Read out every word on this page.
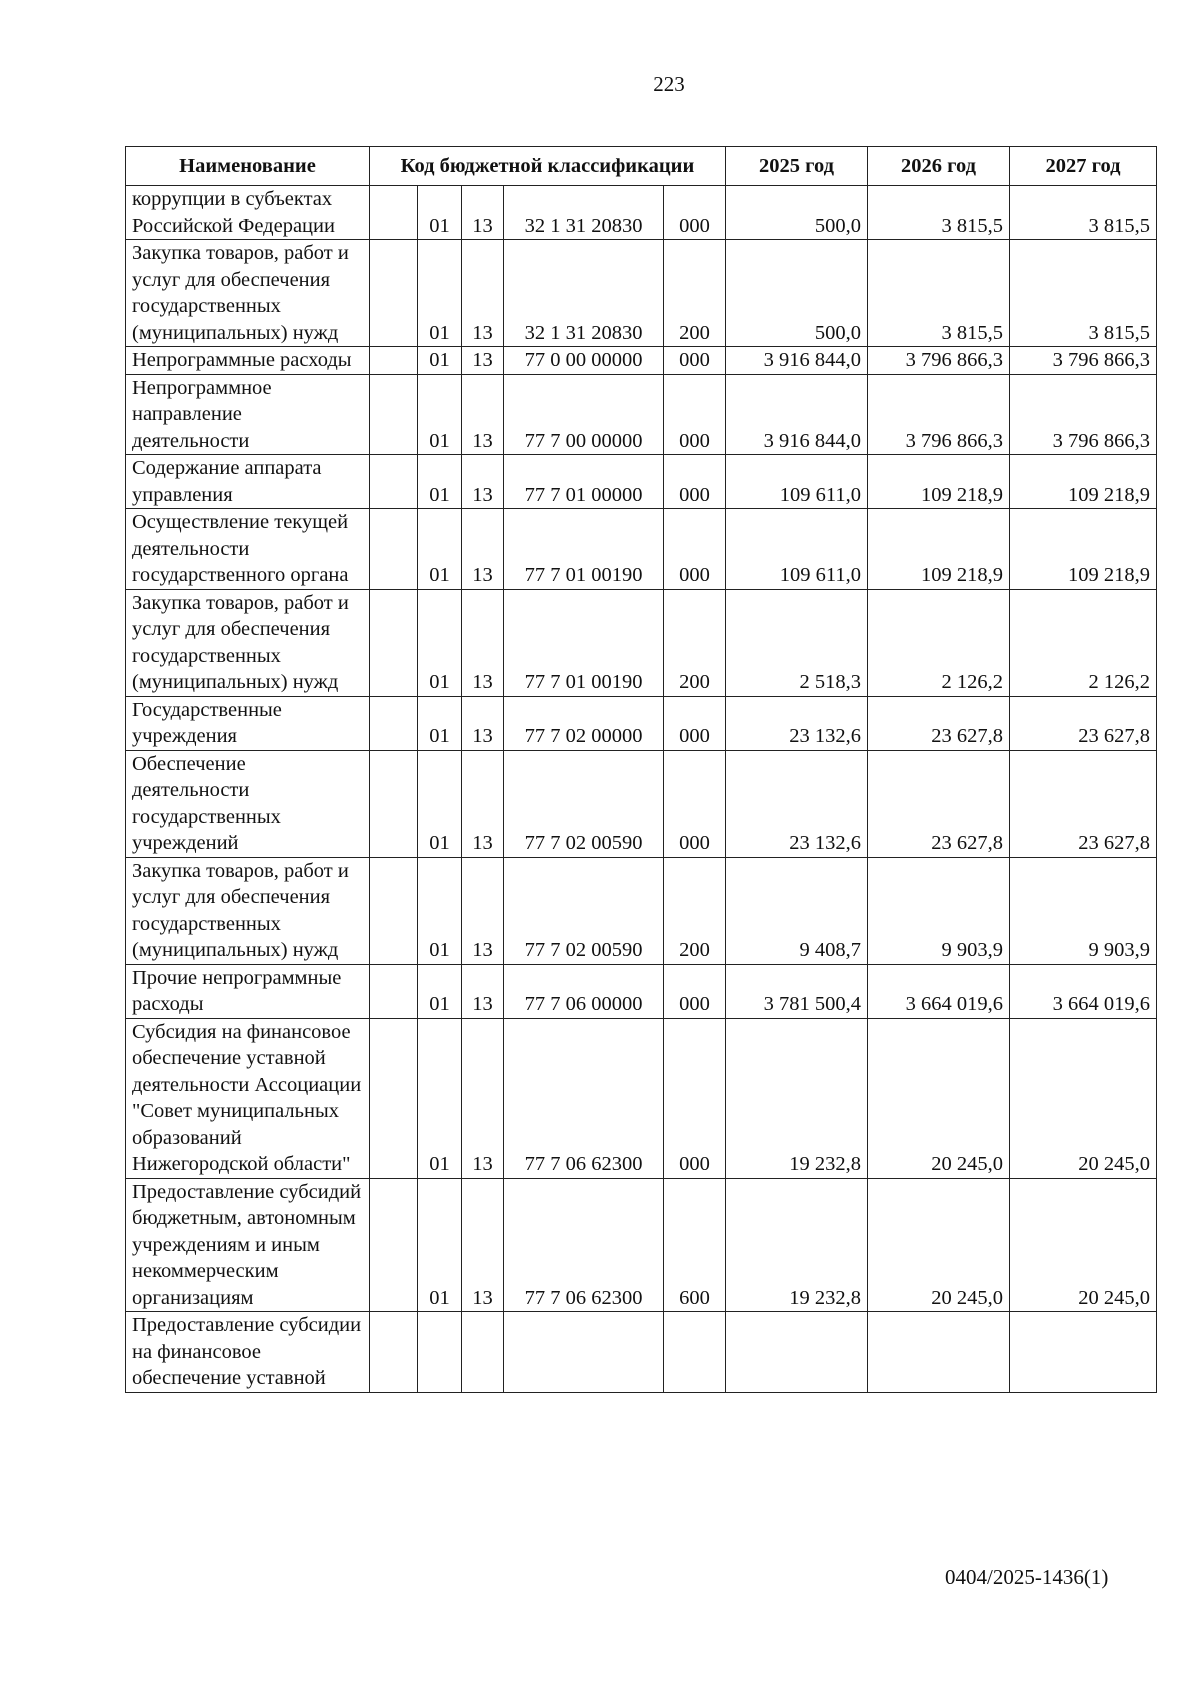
223
Наименование	Код бюджетной классификации					2025 год	2026 год	2027 год
коррупции в субъектах Российской Федерации		01	13	32 1 31 20830	000	500,0	3 815,5	3 815,5
Закупка товаров, работ и услуг для обеспечения государственных (муниципальных) нужд		01	13	32 1 31 20830	200	500,0	3 815,5	3 815,5
Непрограммные расходы		01	13	77 0 00 00000	000	3 916 844,0	3 796 866,3	3 796 866,3
Непрограммное направление деятельности		01	13	77 7 00 00000	000	3 916 844,0	3 796 866,3	3 796 866,3
Содержание аппарата управления		01	13	77 7 01 00000	000	109 611,0	109 218,9	109 218,9
Осуществление текущей деятельности государственного органа		01	13	77 7 01 00190	000	109 611,0	109 218,9	109 218,9
Закупка товаров, работ и услуг для обеспечения государственных (муниципальных) нужд		01	13	77 7 01 00190	200	2 518,3	2 126,2	2 126,2
Государственные учреждения		01	13	77 7 02 00000	000	23 132,6	23 627,8	23 627,8
Обеспечение деятельности государственных учреждений		01	13	77 7 02 00590	000	23 132,6	23 627,8	23 627,8
Закупка товаров, работ и услуг для обеспечения государственных (муниципальных) нужд		01	13	77 7 02 00590	200	9 408,7	9 903,9	9 903,9
Прочие непрограммные расходы		01	13	77 7 06 00000	000	3 781 500,4	3 664 019,6	3 664 019,6
Субсидия на финансовое обеспечение уставной деятельности Ассоциации "Совет муниципальных образований Нижегородской области"		01	13	77 7 06 62300	000	19 232,8	20 245,0	20 245,0
Предоставление субсидий бюджетным, автономным учреждениям и иным некоммерческим организациям		01	13	77 7 06 62300	600	19 232,8	20 245,0	20 245,0
Предоставление субсидии на финансовое обеспечение уставной								
0404/2025-1436(1)
